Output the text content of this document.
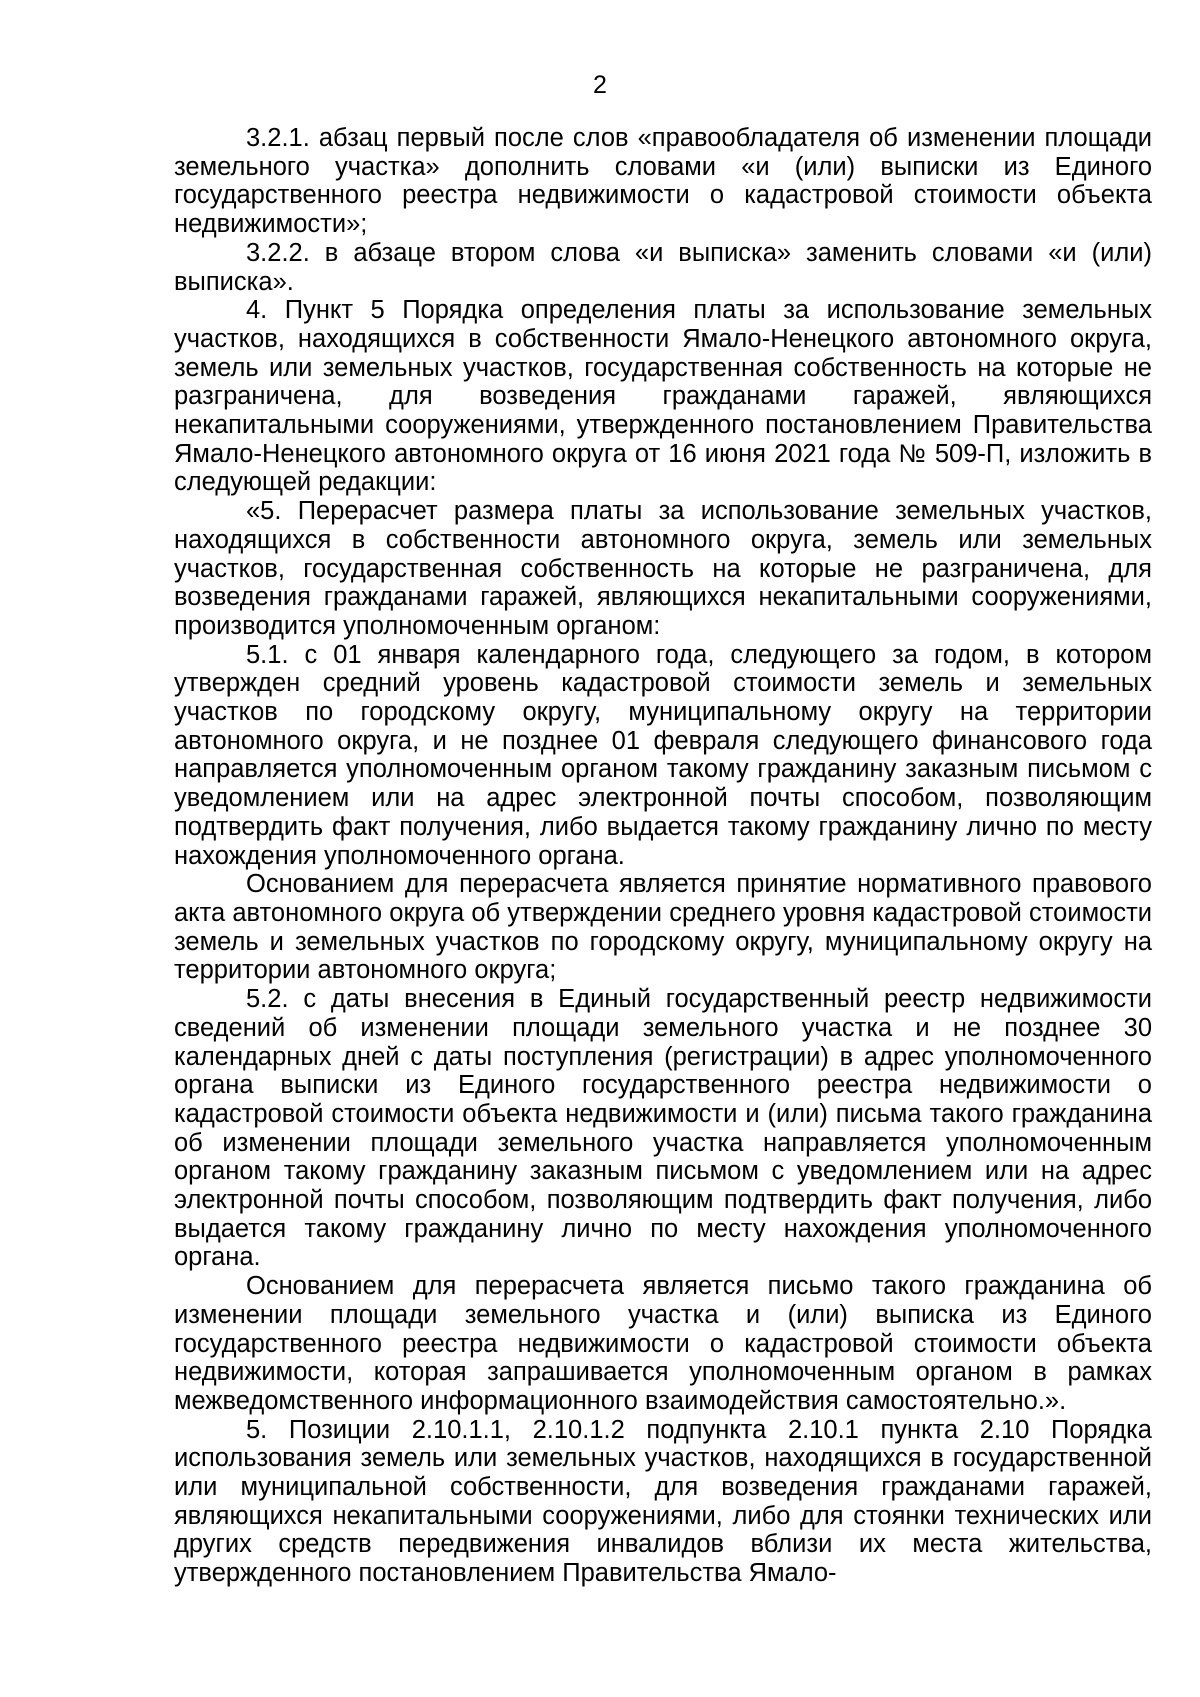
2

3.2.1. абзац первый после слов «правообладателя об изменении площади земельного участка» дополнить словами «и (или) выписки из Единого государственного реестра недвижимости о кадастровой стоимости объекта недвижимости»;

3.2.2. в абзаце втором слова «и выписка» заменить словами «и (или) выписка».

4. Пункт 5 Порядка определения платы за использование земельных участков, находящихся в собственности Ямало-Ненецкого автономного округа, земель или земельных участков, государственная собственность на которые не разграничена, для возведения гражданами гаражей, являющихся некапитальными сооружениями, утвержденного постановлением Правительства Ямало-Ненецкого автономного округа от 16 июня 2021 года № 509-П, изложить в следующей редакции:

«5. Перерасчет размера платы за использование земельных участков, находящихся в собственности автономного округа, земель или земельных участков, государственная собственность на которые не разграничена, для возведения гражданами гаражей, являющихся некапитальными сооружениями, производится уполномоченным органом:

5.1. с 01 января календарного года, следующего за годом, в котором утвержден средний уровень кадастровой стоимости земель и земельных участков по городскому округу, муниципальному округу на территории автономного округа, и не позднее 01 февраля следующего финансового года направляется уполномоченным органом такому гражданину заказным письмом с уведомлением или на адрес электронной почты способом, позволяющим подтвердить факт получения, либо выдается такому гражданину лично по месту нахождения уполномоченного органа.

Основанием для перерасчета является принятие нормативного правового акта автономного округа об утверждении среднего уровня кадастровой стоимости земель и земельных участков по городскому округу, муниципальному округу на территории автономного округа;

5.2. с даты внесения в Единый государственный реестр недвижимости сведений об изменении площади земельного участка и не позднее 30 календарных дней с даты поступления (регистрации) в адрес уполномоченного органа выписки из Единого государственного реестра недвижимости о кадастровой стоимости объекта недвижимости и (или) письма такого гражданина об изменении площади земельного участка направляется уполномоченным органом такому гражданину заказным письмом с уведомлением или на адрес электронной почты способом, позволяющим подтвердить факт получения, либо выдается такому гражданину лично по месту нахождения уполномоченного органа.

Основанием для перерасчета является письмо такого гражданина об изменении площади земельного участка и (или) выписка из Единого государственного реестра недвижимости о кадастровой стоимости объекта недвижимости, которая запрашивается уполномоченным органом в рамках межведомственного информационного взаимодействия самостоятельно.».

5. Позиции 2.10.1.1, 2.10.1.2 подпункта 2.10.1 пункта 2.10 Порядка использования земель или земельных участков, находящихся в государственной или муниципальной собственности, для возведения гражданами гаражей, являющихся некапитальными сооружениями, либо для стоянки технических или других средств передвижения инвалидов вблизи их места жительства, утвержденного постановлением Правительства Ямало-
